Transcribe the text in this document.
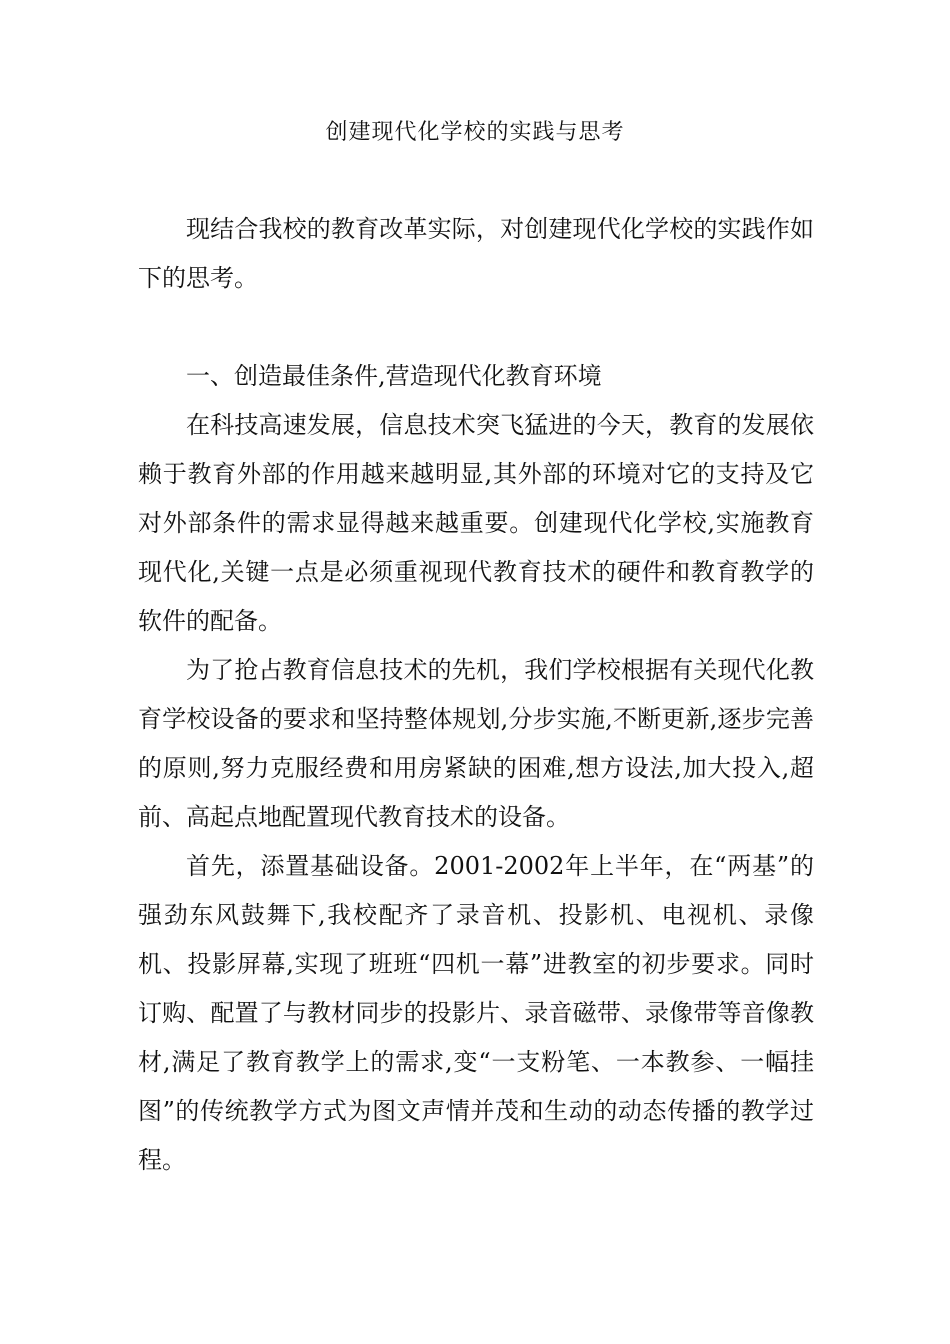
创建现代化学校的实践与思考

现结合我校的教育改革实际，对创建现代化学校的实践作如下的思考。

一、创造最佳条件,营造现代化教育环境

在科技高速发展，信息技术突飞猛进的今天，教育的发展依赖于教育外部的作用越来越明显,其外部的环境对它的支持及它对外部条件的需求显得越来越重要。创建现代化学校,实施教育现代化,关键一点是必须重视现代教育技术的硬件和教育教学的软件的配备。

为了抢占教育信息技术的先机，我们学校根据有关现代化教育学校设备的要求和坚持整体规划,分步实施,不断更新,逐步完善的原则,努力克服经费和用房紧缺的困难,想方设法,加大投入,超前、高起点地配置现代教育技术的设备。

首先，添置基础设备。2001-2002年上半年，在“两基”的强劲东风鼓舞下,我校配齐了录音机、投影机、电视机、录像机、投影屏幕,实现了班班“四机一幕”进教室的初步要求。同时订购、配置了与教材同步的投影片、录音磁带、录像带等音像教材,满足了教育教学上的需求,变“一支粉笔、一本教参、一幅挂图”的传统教学方式为图文声情并茂和生动的动态传播的教学过程。
